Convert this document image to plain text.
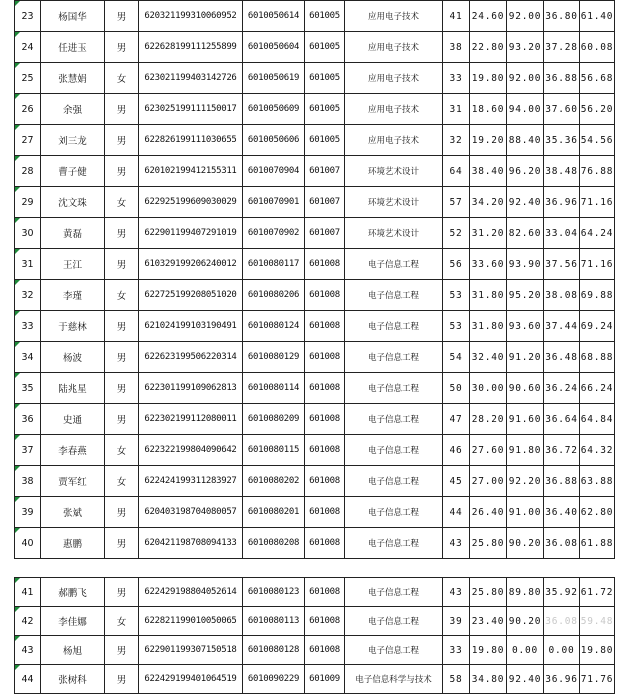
23	杨国华	男	620321199310060952	6010050614	601005	应用电子技术	41	24.60	92.00	36.80	61.40
24	任进玉	男	622628199111255899	6010050604	601005	应用电子技术	38	22.80	93.20	37.28	60.08
25	张慧娟	女	623021199403142726	6010050619	601005	应用电子技术	33	19.80	92.00	36.88	56.68
26	余强	男	623025199111150017	6010050609	601005	应用电子技术	31	18.60	94.00	37.60	56.20
27	刘三龙	男	622826199111030655	6010050606	601005	应用电子技术	32	19.20	88.40	35.36	54.56
28	曹子健	男	620102199412155311	6010070904	601007	环境艺术设计	64	38.40	96.20	38.48	76.88
29	沈文珠	女	622925199609030029	6010070901	601007	环境艺术设计	57	34.20	92.40	36.96	71.16
30	黄磊	男	622901199407291019	6010070902	601007	环境艺术设计	52	31.20	82.60	33.04	64.24
31	王江	男	610329199206240012	6010080117	601008	电子信息工程	56	33.60	93.90	37.56	71.16
32	李瑾	女	622725199208051020	6010080206	601008	电子信息工程	53	31.80	95.20	38.08	69.88
33	于慈林	男	621024199103190491	6010080124	601008	电子信息工程	53	31.80	93.60	37.44	69.24
34	杨波	男	622623199506220314	6010080129	601008	电子信息工程	54	32.40	91.20	36.48	68.88
35	陆兆星	男	622301199109062813	6010080114	601008	电子信息工程	50	30.00	90.60	36.24	66.24
36	史通	男	622302199112080011	6010080209	601008	电子信息工程	47	28.20	91.60	36.64	64.84
37	李春燕	女	622322199804090642	6010080115	601008	电子信息工程	46	27.60	91.80	36.72	64.32
38	贾军红	女	622424199311283927	6010080202	601008	电子信息工程	45	27.00	92.20	36.88	63.88
39	张斌	男	620403198704080057	6010080201	601008	电子信息工程	44	26.40	91.00	36.40	62.80
40	惠鹏	男	620421198708094133	6010080208	601008	电子信息工程	43	25.80	90.20	36.08	61.88
41	郝鹏飞	男	622429198804052614	6010080123	601008	电子信息工程	43	25.80	89.80	35.92	61.72
42	李佳娜	女	622821199010050065	6010080113	601008	电子信息工程	39	23.40	90.20	36.08	59.48
43	杨旭	男	622901199307150518	6010080128	601008	电子信息工程	33	19.80	0.00	0.00	19.80
44	张树科	男	622429199401064519	6010090229	601009	电子信息科学与技术	58	34.80	92.40	36.96	71.76
